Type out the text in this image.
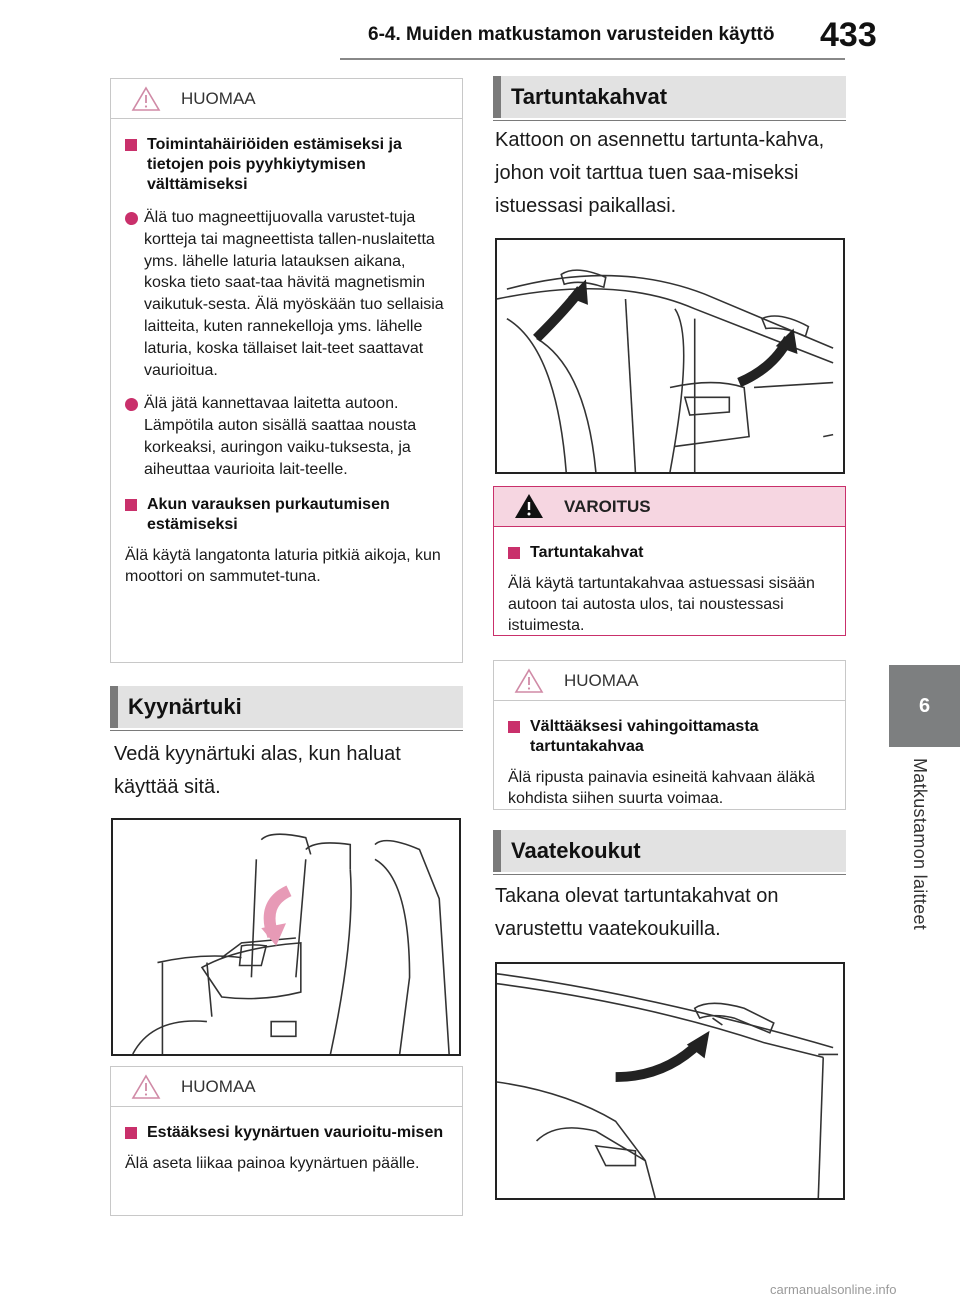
6-4. Muiden matkustamon varusteiden käyttö 433
6
Matkustamon laitteet
HUOMAA
Toimintahäiriöiden estämiseksi ja tietojen pois pyyhkiytymisen välttämiseksi
Älä tuo magneettijuovalla varustet-tuja kortteja tai magneettista tallen-nuslaitetta yms. lähelle laturia latauksen aikana, koska tieto saat-taa hävitä magnetismin vaikutuk-sesta. Älä myöskään tuo sellaisia laitteita, kuten rannekelloja yms. lähelle laturia, koska tällaiset lait-teet saattavat vaurioitua.
Älä jätä kannettavaa laitetta autoon. Lämpötila auton sisällä saattaa nousta korkeaksi, auringon vaiku-tuksesta, ja aiheuttaa vaurioita lait-teelle.
Akun varauksen purkautumisen estämiseksi
Älä käytä langatonta laturia pitkiä aikoja, kun moottori on sammutet-tuna.
Kyynärtuki
Vedä kyynärtuki alas, kun haluat käyttää sitä.
HUOMAA
Estääksesi kyynärtuen vaurioitu-misen
Älä aseta liikaa painoa kyynärtuen päälle.
Tartuntakahvat
Kattoon on asennettu tartunta-kahva, johon voit tarttua tuen saa-miseksi istuessasi paikallasi.
VAROITUS
Tartuntakahvat
Älä käytä tartuntakahvaa astuessasi sisään autoon tai autosta ulos, tai noustessasi istuimesta.
HUOMAA
Välttääksesi vahingoittamasta tartuntakahvaa
Älä ripusta painavia esineitä kahvaan äläkä kohdista siihen suurta voimaa.
Vaatekoukut
Takana olevat tartuntakahvat on varustettu vaatekoukuilla.
carmanualsonline.info
